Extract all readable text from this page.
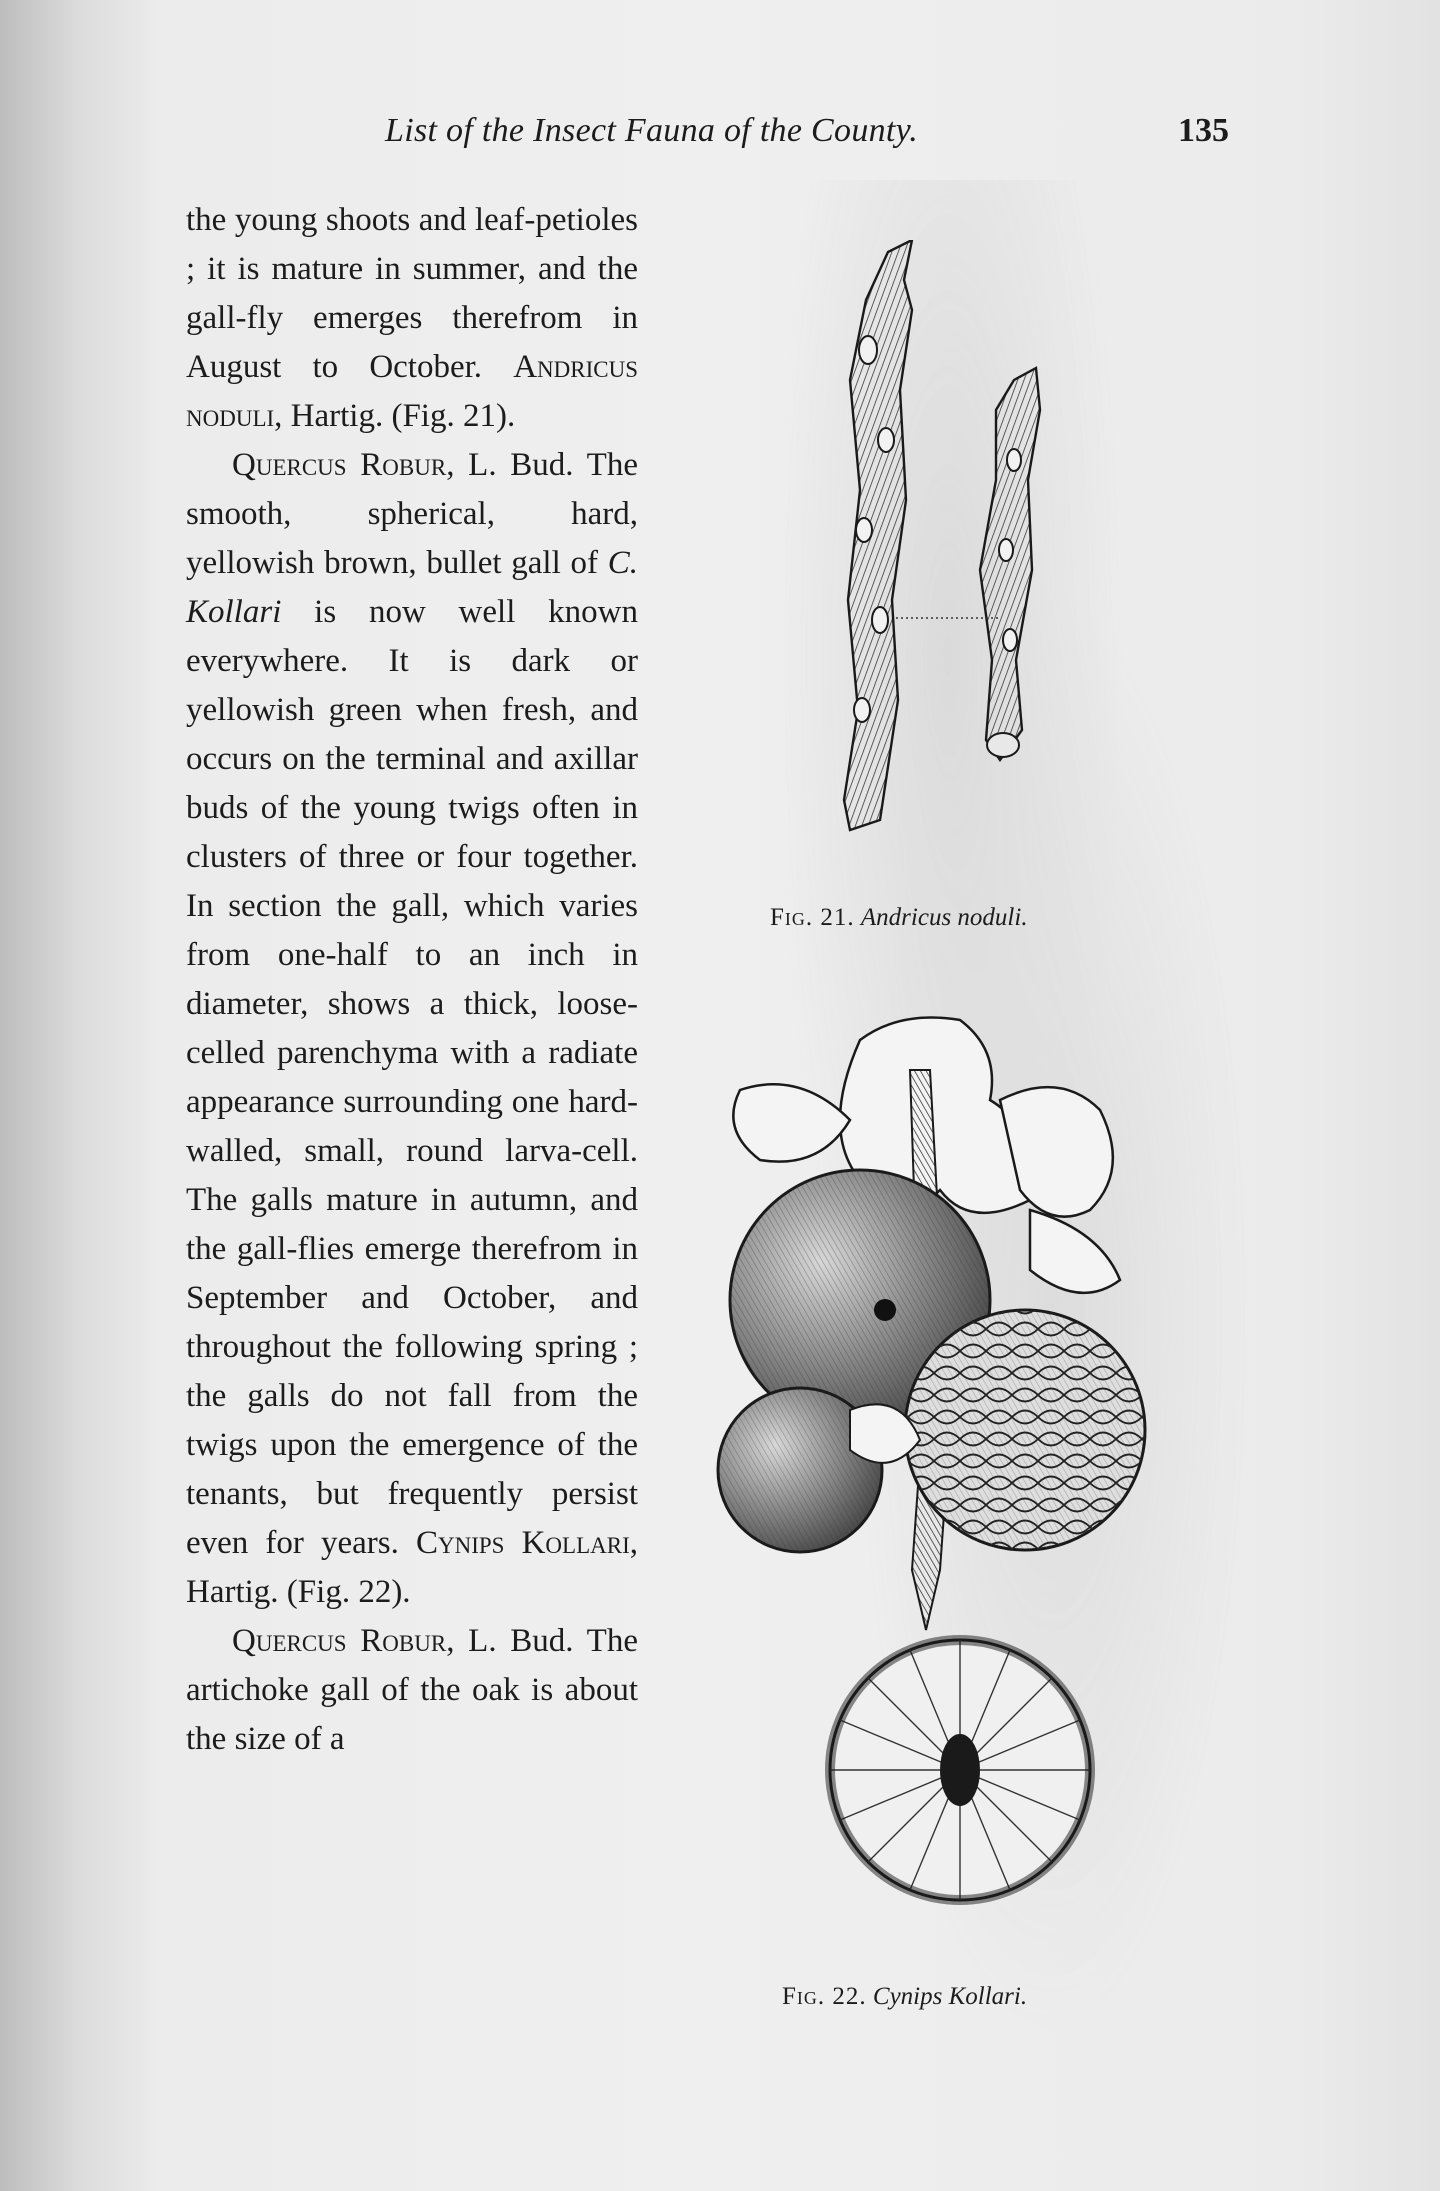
List of the Insect Fauna of the County.	135

the young shoots and leaf-petioles ; it is mature in summer, and the gall-fly emerges therefrom in August to October. Andricus noduli, Hartig. (Fig. 21).

Quercus Robur, L. Bud. The smooth, spherical, hard, yellowish brown, bullet gall of C. Kollari is now well known everywhere. It is dark or yellowish green when fresh, and occurs on the terminal and axillar buds of the young twigs often in clusters of three or four together. In section the gall, which varies from one-half to an inch in diameter, shows a thick, loose-celled parenchyma with a radiate appearance surrounding one hard-walled, small, round larva-cell. The galls mature in autumn, and the gall-flies emerge therefrom in September and October, and throughout the following spring ; the galls do not fall from the twigs upon the emergence of the tenants, but frequently persist even for years. Cynips Kollari, Hartig. (Fig. 22).

Quercus Robur, L. Bud. The artichoke gall of the oak is about the size of a

Fig. 21. Andricus noduli.
Fig. 22. Cynips Kollari.
